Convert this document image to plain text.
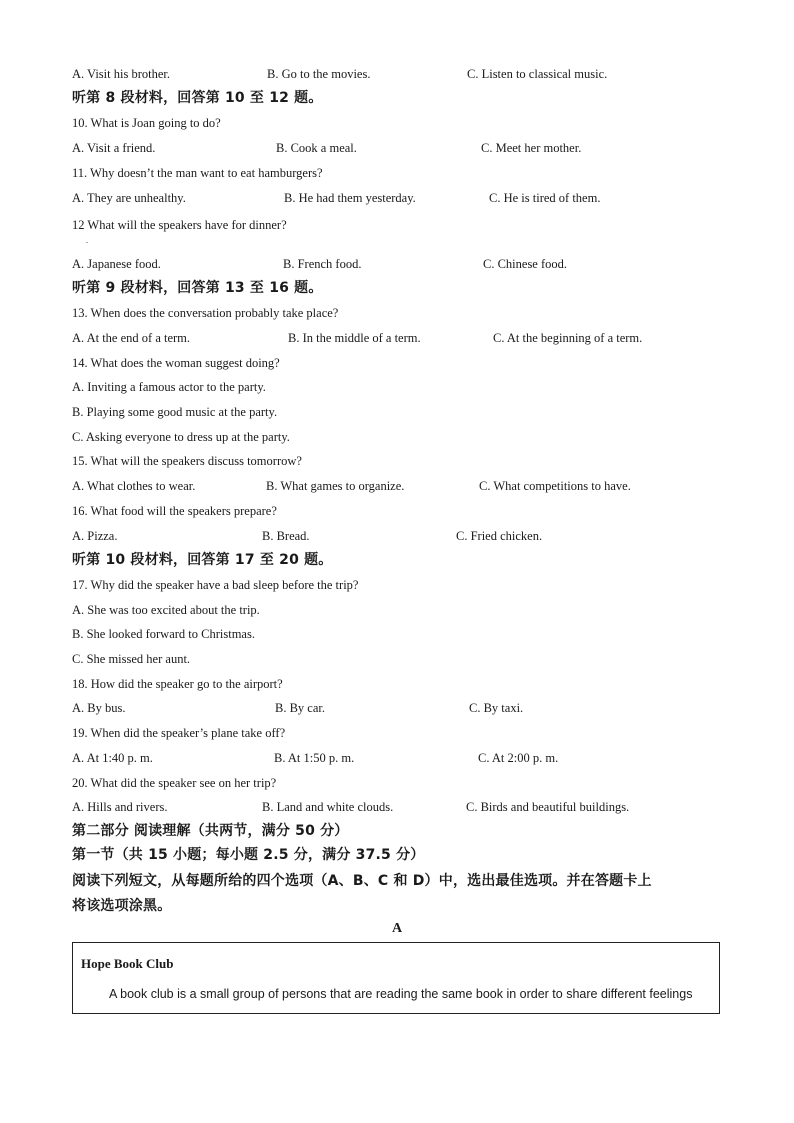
A. Visit his brother.	B. Go to the movies.	C. Listen to classical music.
听第 8 段材料，回答第 10 至 12 题。
10. What is Joan going to do?
A. Visit a friend.	B. Cook a meal.	C. Meet her mother.
11. Why doesn’t the man want to eat hamburgers?
A. They are unhealthy.	B. He had them yesterday.	C. He is tired of them.
12 What will the speakers have for dinner?
.
A. Japanese food.	B. French food.	C. Chinese food.
听第 9 段材料，回答第 13 至 16 题。
13. When does the conversation probably take place?
A. At the end of a term.	B. In the middle of a term.	C. At the beginning of a term.
14. What does the woman suggest doing?
A. Inviting a famous actor to the party.
B. Playing some good music at the party.
C. Asking everyone to dress up at the party.
15. What will the speakers discuss tomorrow?
A. What clothes to wear.	B. What games to organize.	C. What competitions to have.
16. What food will the speakers prepare?
A. Pizza.	B. Bread.	C. Fried chicken.
听第 10 段材料，回答第 17 至 20 题。
17. Why did the speaker have a bad sleep before the trip?
A. She was too excited about the trip.
B. She looked forward to Christmas.
C. She missed her aunt.
18. How did the speaker go to the airport?
A. By bus.	B. By car.	C. By taxi.
19. When did the speaker’s plane take off?
A. At 1:40 p. m.	B. At 1:50 p. m.	C. At 2:00 p. m.
20. What did the speaker see on her trip?
A. Hills and rivers.	B. Land and white clouds.	C. Birds and beautiful buildings.
第二部分 阅读理解（共两节，满分 50 分）
第一节（共 15 小题；每小题 2.5 分，满分 37.5 分）
阅读下列短文，从每题所给的四个选项（A、B、C 和 D）中，选出最佳选项。并在答题卡上
将该选项涂黑。
A
Hope Book Club
A book club is a small group of persons that are reading the same book in order to share different feelings
